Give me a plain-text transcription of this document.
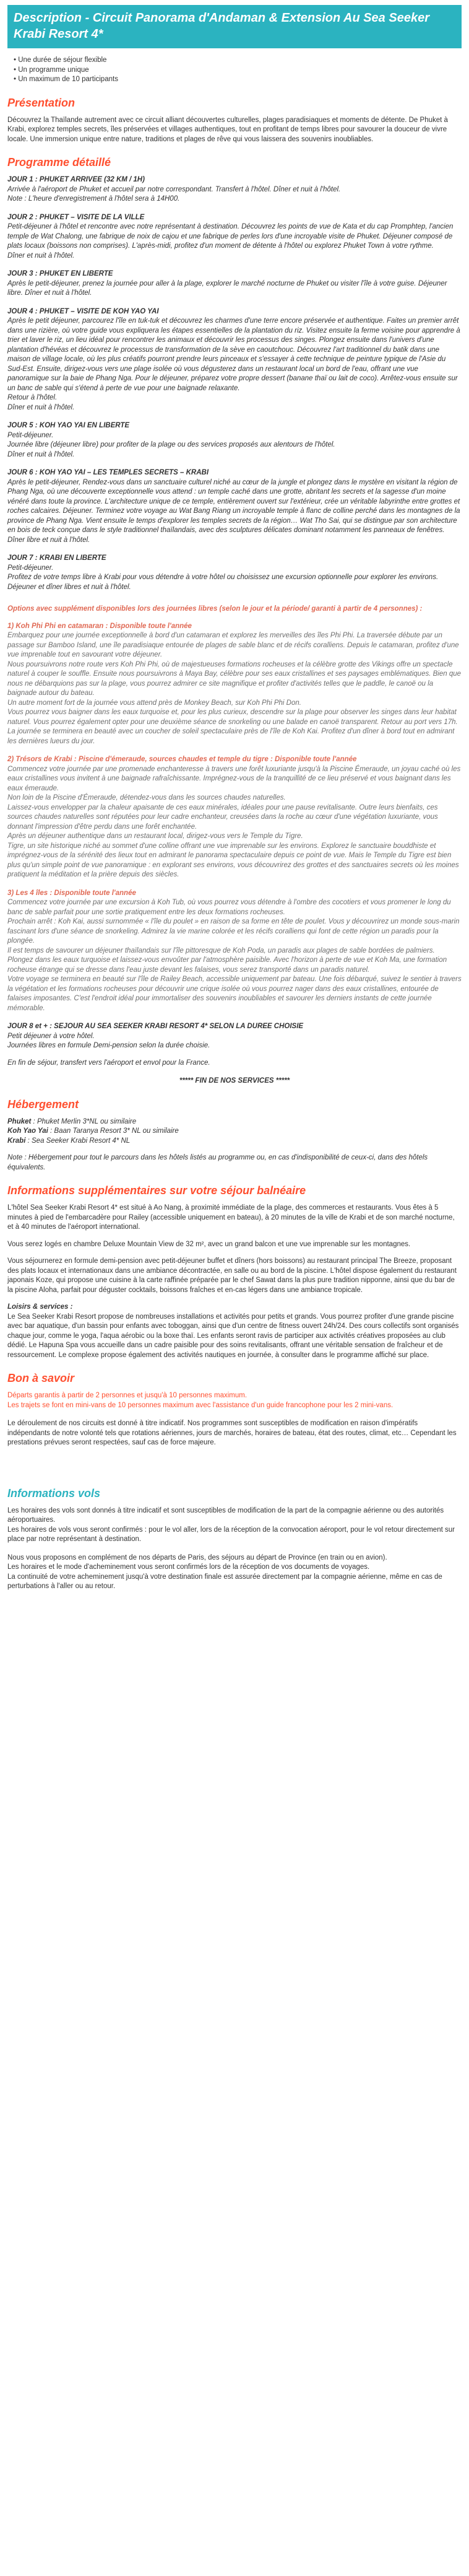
Description - Circuit Panorama d'Andaman & Extension Au Sea Seeker Krabi Resort 4*
• Une durée de séjour flexible
• Un programme unique
• Un maximum de 10 participants
Présentation

Découvrez la Thaïlande autrement avec ce circuit alliant découvertes culturelles, plages paradisiaques et moments de détente. De Phuket à Krabi, explorez temples secrets, îles préservées et villages authentiques, tout en profitant de temps libres pour savourer la douceur de vivre locale. Une immersion unique entre nature, traditions et plages de rêve qui vous laissera des souvenirs inoubliables.

Programme détaillé
JOUR 1 : PHUKET ARRIVEE (32 KM / 1H)
Arrivée à l'aéroport de Phuket et accueil par notre correspondant. Transfert à l'hôtel. Dîner et nuit à l'hôtel.
Note : L'heure d'enregistrement à l'hôtel sera à 14H00.
JOUR 2 : PHUKET – VISITE DE LA VILLE
Petit-déjeuner à l'hôtel et rencontre avec notre représentant à destination. Découvrez les points de vue de Kata et du cap Promphtep, l'ancien temple de Wat Chalong, une fabrique de noix de cajou et une fabrique de perles lors d'une incroyable visite de Phuket. Déjeuner composé de plats locaux (boissons non comprises). L'après-midi, profitez d'un moment de détente à l'hôtel ou explorez Phuket Town à votre rythme.
Dîner et nuit à l'hôtel.
JOUR 3 : PHUKET EN LIBERTE
Après le petit-déjeuner, prenez la journée pour aller à la plage, explorer le marché nocturne de Phuket ou visiter l'île à votre guise. Déjeuner libre. Dîner et nuit à l'hôtel.
JOUR 4 : PHUKET – VISITE DE KOH YAO YAI
Après le petit déjeuner, parcourez l'île en tuk-tuk et découvrez les charmes d'une terre encore préservée et authentique. Faites un premier arrêt dans une rizière, où votre guide vous expliquera les étapes essentielles de la plantation du riz. Visitez ensuite la ferme voisine pour apprendre à trier et laver le riz, un lieu idéal pour rencontrer les animaux et découvrir les processus des singes. Plongez ensuite dans l'univers d'une plantation d'hévéas et découvrez le processus de transformation de la sève en caoutchouc. Découvrez l'art traditionnel du batik dans une maison de village locale, où les plus créatifs pourront prendre leurs pinceaux et s'essayer à cette technique de peinture typique de l'Asie du Sud-Est. Ensuite, dirigez-vous vers une plage isolée où vous dégusterez dans un restaurant local un bord de l'eau, offrant une vue panoramique sur la baie de Phang Nga. Pour le déjeuner, préparez votre propre dessert (banane thaï ou lait de coco). Arrêtez-vous ensuite sur un banc de sable qui s'étend à perte de vue pour une baignade relaxante.
Retour à l'hôtel.
Dîner et nuit à l'hôtel.
JOUR 5 : KOH YAO YAI EN LIBERTE
Petit-déjeuner.
Journée libre (déjeuner libre) pour profiter de la plage ou des services proposés aux alentours de l'hôtel.
Dîner et nuit à l'hôtel.
JOUR 6 : KOH YAO YAI – LES TEMPLES SECRETS – KRABI
Après le petit-déjeuner, Rendez-vous dans un sanctuaire culturel niché au cœur de la jungle et plongez dans le mystère en visitant la région de Phang Nga, où une découverte exceptionnelle vous attend : un temple caché dans une grotte, abritant les secrets et la sagesse d'un moine vénéré dans toute la province. L'architecture unique de ce temple, entièrement ouvert sur l'extérieur, crée un véritable labyrinthe entre grottes et roches calcaires. Déjeuner. Terminez votre voyage au Wat Bang Riang un incroyable temple à flanc de colline perché dans les montagnes de la province de Phang Nga. Vient ensuite le temps d'explorer les temples secrets de la région… Wat Tho Sai, qui se distingue par son architecture en bois de teck conçue dans le style traditionnel thaïlandais, avec des sculptures délicates dominant notamment les panneaux de fenêtres. Dîner libre et nuit à l'hôtel.
JOUR 7 : KRABI EN LIBERTE
Petit-déjeuner.
Profitez de votre temps libre à Krabi pour vous détendre à votre hôtel ou choisissez une excursion optionnelle pour explorer les environs.
Déjeuner et dîner libres et nuit à l'hôtel.

Options avec supplément disponibles lors des journées libres (selon le jour et la période/ garanti à partir de 4 personnes) :

1) Koh Phi Phi en catamaran : Disponible toute l'année
Embarquez pour une journée exceptionnelle à bord d'un catamaran et explorez les merveilles des îles Phi Phi. La traversée débute par un passage sur Bamboo Island, une île paradisiaque entourée de plages de sable blanc et de récifs coralliens. Depuis le catamaran, profitez d'une vue imprenable tout en savourant votre déjeuner.
Nous poursuivrons notre route vers Koh Phi Phi, où de majestueuses formations rocheuses et la célèbre grotte des Vikings offre un spectacle naturel à couper le souffle. Ensuite nous poursuivrons à Maya Bay, célèbre pour ses eaux cristallines et ses paysages emblématiques. Bien que nous ne débarquions pas sur la plage, vous pourrez admirer ce site magnifique et profiter d'activités telles que le paddle, le canoë ou la baignade autour du bateau.
Un autre moment fort de la journée vous attend près de Monkey Beach, sur Koh Phi Phi Don.
Vous pourrez vous baigner dans les eaux turquoise et, pour les plus curieux, descendre sur la plage pour observer les singes dans leur habitat naturel. Vous pourrez également opter pour une deuxième séance de snorkeling ou une balade en canoë transparent. Retour au port vers 17h. La journée se terminera en beauté avec un coucher de soleil spectaculaire près de l'île de Koh Kai. Profitez d'un dîner à bord tout en admirant les dernières lueurs du jour.
2) Trésors de Krabi : Piscine d'émeraude, sources chaudes et temple du tigre : Disponible toute l'année
Commencez votre journée par une promenade enchanteresse à travers une forêt luxuriante jusqu'à la Piscine Émeraude, un joyau caché où les eaux cristallines vous invitent à une baignade rafraîchissante. Imprégnez-vous de la tranquillité de ce lieu préservé et vous baignant dans les eaux émeraude.
Non loin de la Piscine d'Émeraude, détendez-vous dans les sources chaudes naturelles.
Laissez-vous envelopper par la chaleur apaisante de ces eaux minérales, idéales pour une pause revitalisante. Outre leurs bienfaits, ces sources chaudes naturelles sont réputées pour leur cadre enchanteur, creusées dans la roche au cœur d'une végétation luxuriante, vous donnant l'impression d'être perdu dans une forêt enchantée.
Après un déjeuner authentique dans un restaurant local, dirigez-vous vers le Temple du Tigre.
Tigre, un site historique niché au sommet d'une colline offrant une vue imprenable sur les environs. Explorez le sanctuaire bouddhiste et imprégnez-vous de la sérénité des lieux tout en admirant le panorama spectaculaire depuis ce point de vue. Mais le Temple du Tigre est bien plus qu'un simple point de vue panoramique : en explorant ses environs, vous découvrirez des grottes et des sanctuaires secrets où les moines pratiquent la méditation et la prière depuis des siècles.
3) Les 4 îles : Disponible toute l'année
Commencez votre journée par une excursion à Koh Tub, où vous pourrez vous détendre à l'ombre des cocotiers et vous promener le long du banc de sable parfait pour une sortie pratiquement entre les deux formations rocheuses.
Prochain arrêt : Koh Kai, aussi surnommée « l'île du poulet » en raison de sa forme en tête de poulet. Vous y découvrirez un monde sous-marin fascinant lors d'une séance de snorkeling. Admirez la vie marine colorée et les récifs coralliens qui font de cette région un paradis pour la plongée.
Il est temps de savourer un déjeuner thaïlandais sur l'île pittoresque de Koh Poda, un paradis aux plages de sable bordées de palmiers. Plongez dans les eaux turquoise et laissez-vous envoûter par l'atmosphère paisible. Avec l'horizon à perte de vue et Koh Ma, une formation rocheuse étrange qui se dresse dans l'eau juste devant les falaises, vous serez transporté dans un paradis naturel.
Votre voyage se terminera en beauté sur l'île de Railey Beach, accessible uniquement par bateau. Une fois débarqué, suivez le sentier à travers la végétation et les formations rocheuses pour découvrir une crique isolée où vous pourrez nager dans des eaux cristallines, entourée de falaises imposantes. C'est l'endroit idéal pour immortaliser des souvenirs inoubliables et savourer les derniers instants de cette journée mémorable.
JOUR 8 et + : SEJOUR AU SEA SEEKER KRABI RESORT 4* SELON LA DUREE CHOISIE
Petit déjeuner à votre hôtel.
Journées libres en formule Demi-pension selon la durée choisie.
En fin de séjour, transfert vers l'aéroport et envol pour la France.
***** FIN DE NOS SERVICES *****
Hébergement
Phuket : Phuket Merlin 3*NL ou similaire
Koh Yao Yai : Baan Taranya Resort 3* NL ou similaire
Krabi : Sea Seeker Krabi Resort 4* NL

Note : Hébergement pour tout le parcours dans les hôtels listés au programme ou, en cas d'indisponibilité de ceux-ci, dans des hôtels équivalents.

Informations supplémentaires sur votre séjour balnéaire

L'hôtel Sea Seeker Krabi Resort 4* est situé à Ao Nang, à proximité immédiate de la plage, des commerces et restaurants. Vous êtes à 5 minutes à pied de l'embarcadère pour Railey (accessible uniquement en bateau), à 20 minutes de la ville de Krabi et de son marché nocturne, et à 40 minutes de l'aéroport international.

Vous serez logés en chambre Deluxe Mountain View de 32 m², avec un grand balcon et une vue imprenable sur les montagnes.

Vous séjournerez en formule demi-pension avec petit-déjeuner buffet et dîners (hors boissons) au restaurant principal The Breeze, proposant des plats locaux et internationaux dans une ambiance décontractée, en salle ou au bord de la piscine. L'hôtel dispose également du restaurant japonais Koze, qui propose une cuisine à la carte raffinée préparée par le chef Sawat dans la plus pure tradition nipponne, ainsi que du bar de la piscine Aloha, parfait pour déguster cocktails, boissons fraîches et en-cas légers dans une ambiance tropicale.

Loisirs & services :

Le Sea Seeker Krabi Resort propose de nombreuses installations et activités pour petits et grands. Vous pourrez profiter d'une grande piscine avec bar aquatique, d'un bassin pour enfants avec toboggan, ainsi que d'un centre de fitness ouvert 24h/24. Des cours collectifs sont organisés chaque jour, comme le yoga, l'aqua aérobic ou la boxe thaï. Les enfants seront ravis de participer aux activités créatives proposées au club dédié. Le Hapuna Spa vous accueille dans un cadre paisible pour des soins revitalisants, offrant une véritable sensation de fraîcheur et de ressourcement. Le complexe propose également des activités nautiques en journée, à consulter dans le programme affiché sur place.

Bon à savoir
Départs garantis à partir de 2 personnes et jusqu'à 10 personnes maximum.
Les trajets se font en mini-vans de 10 personnes maximum avec l'assistance d'un guide francophone pour les 2 mini-vans.

Le déroulement de nos circuits est donné à titre indicatif. Nos programmes sont susceptibles de modification en raison d'impératifs indépendants de notre volonté tels que rotations aériennes, jours de marchés, horaires de bateau, état des routes, climat, etc… Cependant les prestations prévues seront respectées, sauf cas de force majeure.

Informations vols
Les horaires des vols sont donnés à titre indicatif et sont susceptibles de modification de la part de la compagnie aérienne ou des autorités aéroportuaires.
Les horaires de vols vous seront confirmés : pour le vol aller, lors de la réception de la convocation aéroport, pour le vol retour directement sur place par notre représentant à destination.
Nous vous proposons en complément de nos départs de Paris, des séjours au départ de Province (en train ou en avion).
Les horaires et le mode d'acheminement vous seront confirmés lors de la réception de vos documents de voyages.
La continuité de votre acheminement jusqu'à votre destination finale est assurée directement par la compagnie aérienne, même en cas de perturbations à l'aller ou au retour.
